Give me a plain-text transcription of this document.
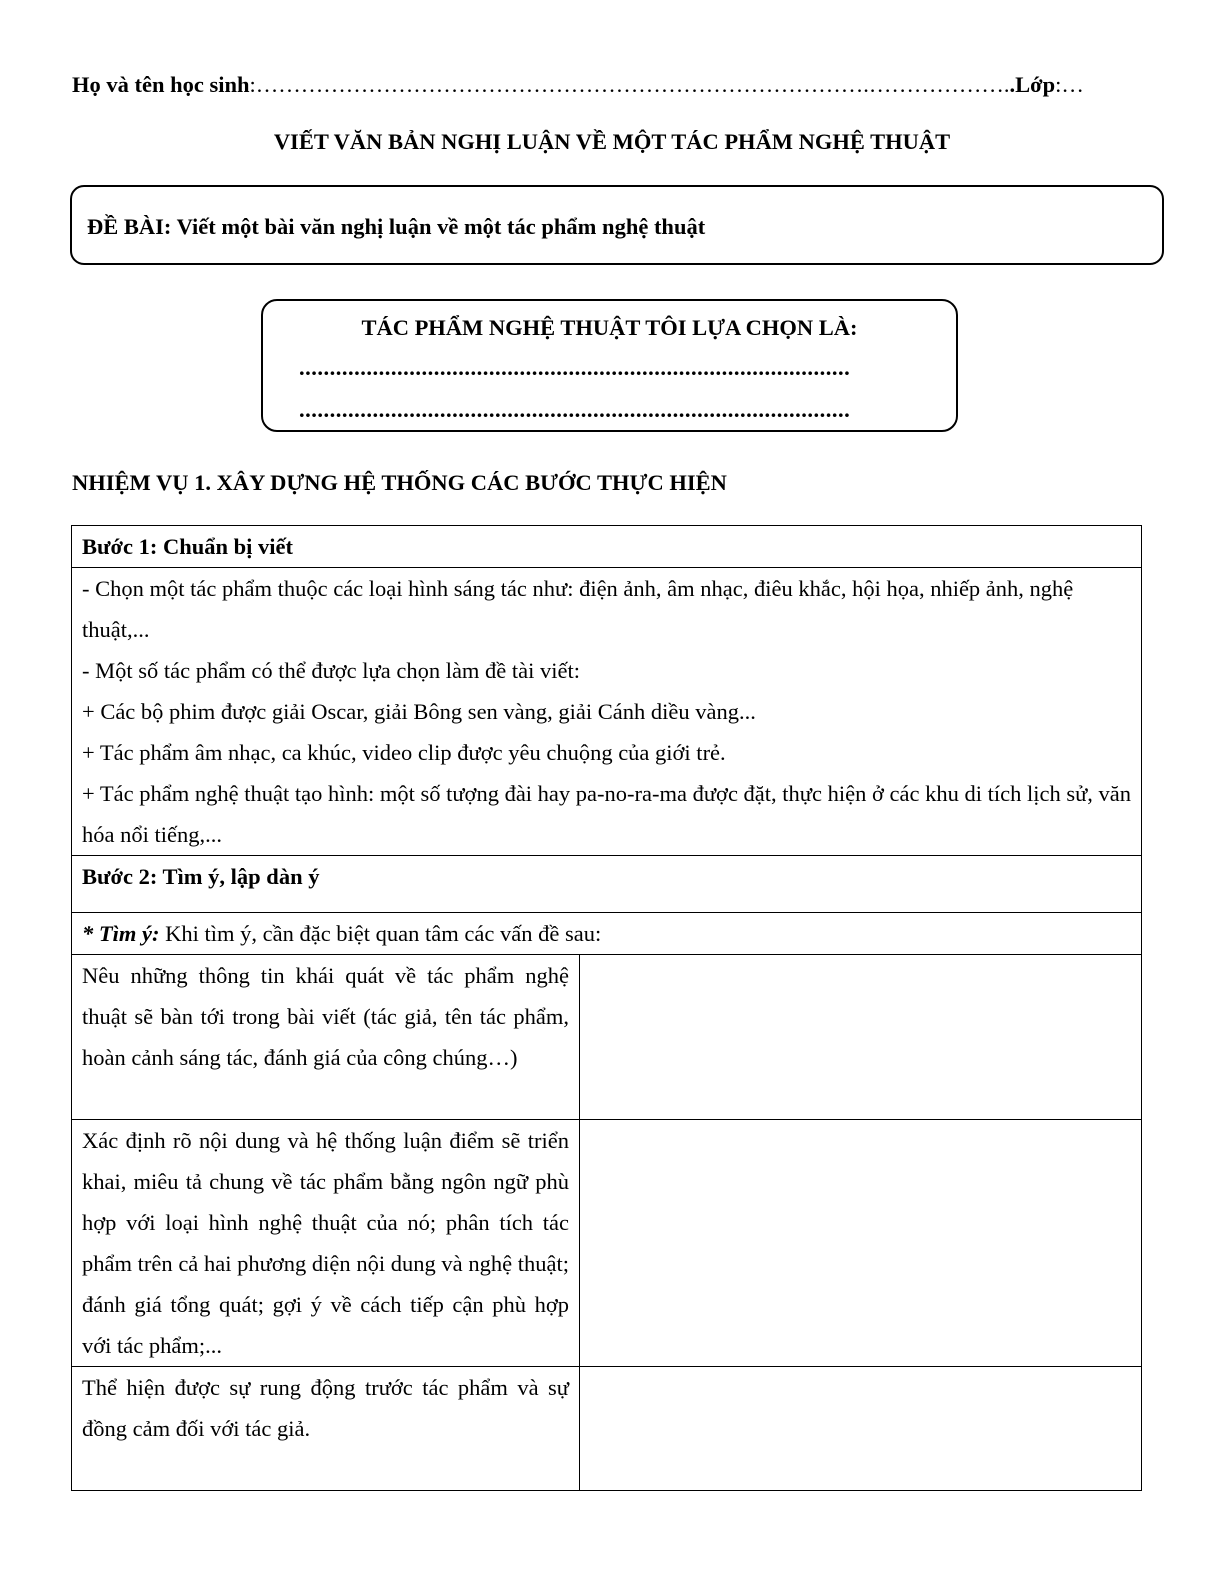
Họ và tên học sinh:……………………………………………………………………….………………..Lớp:…
VIẾT VĂN BẢN NGHỊ LUẬN VỀ MỘT TÁC PHẨM NGHỆ THUẬT
ĐỀ BÀI: Viết một bài văn nghị luận về một tác phẩm nghệ thuật
TÁC PHẨM NGHỆ THUẬT TÔI LỰA CHỌN LÀ:
..........................................................................................
..........................................................................................
NHIỆM VỤ 1. XÂY DỰNG HỆ THỐNG CÁC BƯỚC THỰC HIỆN
Bước 1: Chuẩn bị viết	

- Chọn một tác phẩm thuộc các loại hình sáng tác như: điện ảnh, âm nhạc, điêu khắc, hội họa, nhiếp ảnh, nghệ thuật,...
- Một số tác phẩm có thể được lựa chọn làm đề tài viết:
+ Các bộ phim được giải Oscar, giải Bông sen vàng, giải Cánh diều vàng...
+ Tác phẩm âm nhạc, ca khúc, video clip được yêu chuộng của giới trẻ.
+ Tác phẩm nghệ thuật tạo hình: một số tượng đài hay pa-no-ra-ma được đặt, thực hiện ở các khu di tích lịch sử, văn hóa nổi tiếng,...	

Bước 2: Tìm ý, lập dàn ý	
* Tìm ý: Khi tìm ý, cần đặc biệt quan tâm các vấn đề sau:	
Nêu những thông tin khái quát về tác phẩm nghệ thuật sẽ bàn tới trong bài viết (tác giả, tên tác phẩm, hoàn cảnh sáng tác, đánh giá của công chúng…)	
Xác định rõ nội dung và hệ thống luận điểm sẽ triển khai, miêu tả chung về tác phẩm bằng ngôn ngữ phù hợp với loại hình nghệ thuật của nó; phân tích tác phẩm trên cả hai phương diện nội dung và nghệ thuật; đánh giá tổng quát; gợi ý về cách tiếp cận phù hợp với tác phẩm;...	
Thể hiện được sự rung động trước tác phẩm và sự đồng cảm đối với tác giả.	
